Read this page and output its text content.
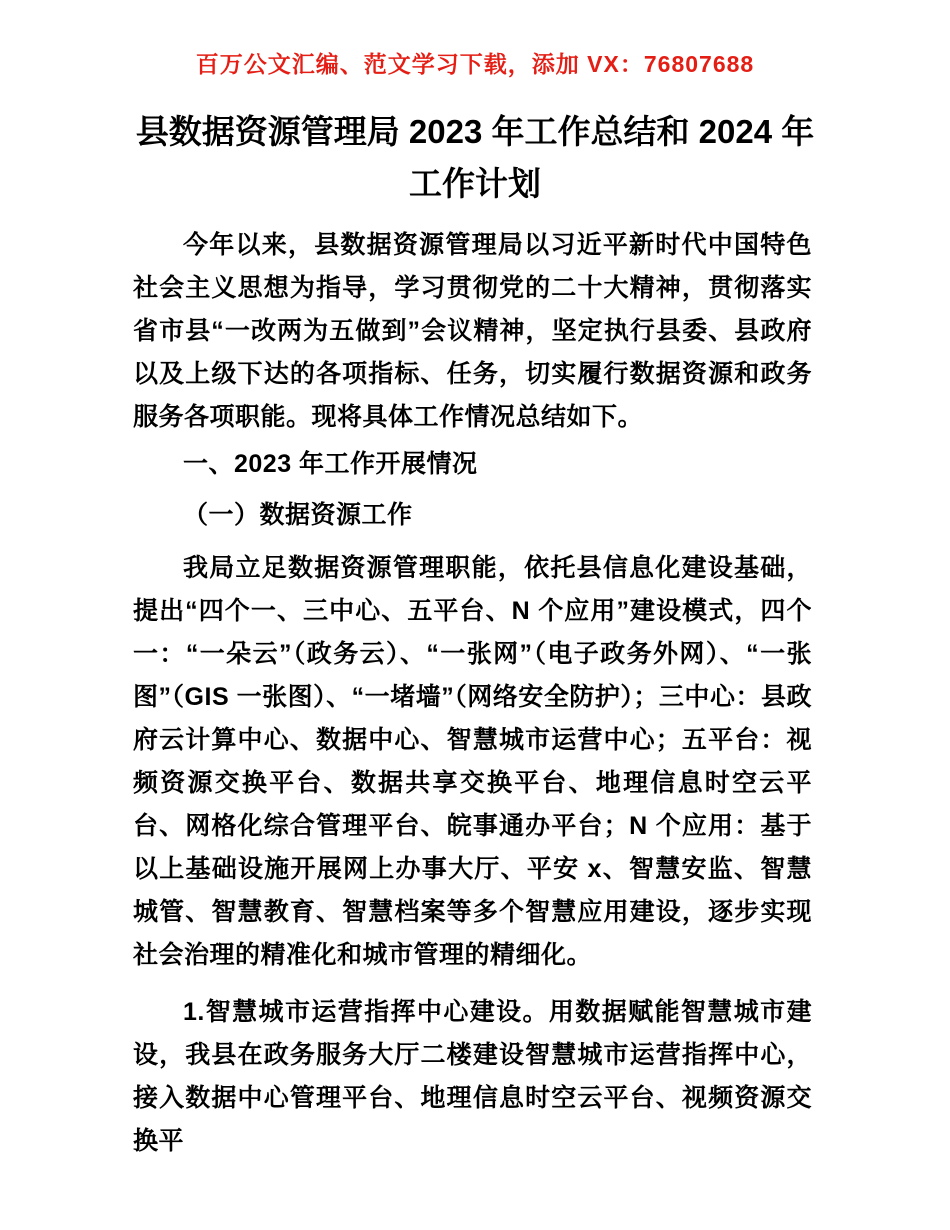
百万公文汇编、范文学习下载，添加 VX：76807688
县数据资源管理局 2023 年工作总结和 2024 年工作计划

今年以来，县数据资源管理局以习近平新时代中国特色社会主义思想为指导，学习贯彻党的二十大精神，贯彻落实省市县“一改两为五做到”会议精神，坚定执行县委、县政府以及上级下达的各项指标、任务，切实履行数据资源和政务服务各项职能。现将具体工作情况总结如下。

一、2023 年工作开展情况
（一）数据资源工作

我局立足数据资源管理职能，依托县信息化建设基础，提出“四个一、三中心、五平台、N 个应用”建设模式，四个一：“一朵云”（政务云）、“一张网”（电子政务外网）、“一张图”（GIS 一张图）、“一堵墙”（网络安全防护）；三中心：县政府云计算中心、数据中心、智慧城市运营中心；五平台：视频资源交换平台、数据共享交换平台、地理信息时空云平台、网格化综合管理平台、皖事通办平台；N 个应用：基于以上基础设施开展网上办事大厅、平安 x、智慧安监、智慧城管、智慧教育、智慧档案等多个智慧应用建设，逐步实现社会治理的精准化和城市管理的精细化。

1.智慧城市运营指挥中心建设。用数据赋能智慧城市建设，我县在政务服务大厅二楼建设智慧城市运营指挥中心，接入数据中心管理平台、地理信息时空云平台、视频资源交换平
